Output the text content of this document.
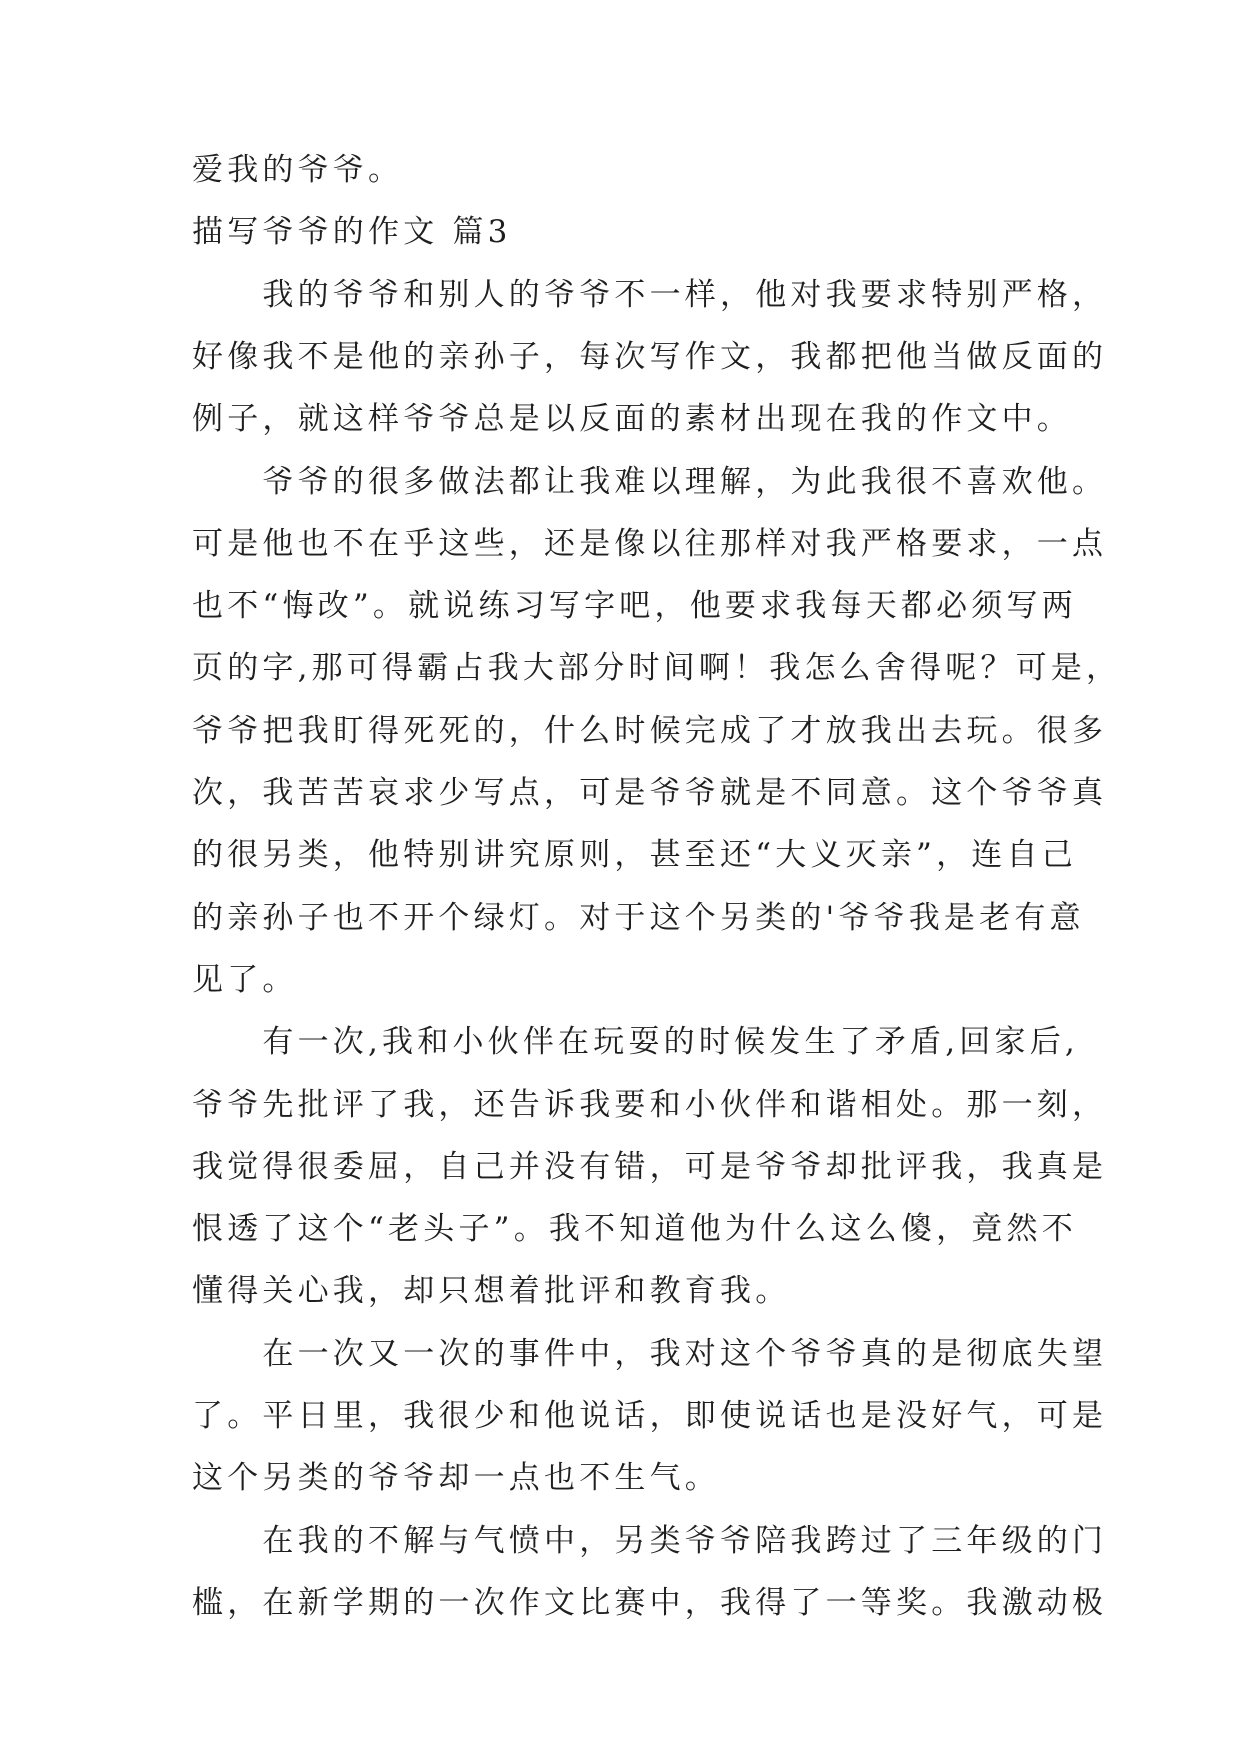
爱我的爷爷。
描写爷爷的作文 篇3
　　我的爷爷和别人的爷爷不一样，他对我要求特别严格，
好像我不是他的亲孙子，每次写作文，我都把他当做反面的
例子，就这样爷爷总是以反面的素材出现在我的作文中。
　　爷爷的很多做法都让我难以理解，为此我很不喜欢他。
可是他也不在乎这些，还是像以往那样对我严格要求，一点
也不“悔改”。就说练习写字吧，他要求我每天都必须写两
页的字,那可得霸占我大部分时间啊！我怎么舍得呢？可是，
爷爷把我盯得死死的，什么时候完成了才放我出去玩。很多
次，我苦苦哀求少写点，可是爷爷就是不同意。这个爷爷真
的很另类，他特别讲究原则，甚至还“大义灭亲”，连自己
的亲孙子也不开个绿灯。对于这个另类的'爷爷我是老有意
见了。
　　有一次,我和小伙伴在玩耍的时候发生了矛盾,回家后,
爷爷先批评了我，还告诉我要和小伙伴和谐相处。那一刻，
我觉得很委屈，自己并没有错，可是爷爷却批评我，我真是
恨透了这个“老头子”。我不知道他为什么这么傻，竟然不
懂得关心我，却只想着批评和教育我。
　　在一次又一次的事件中，我对这个爷爷真的是彻底失望
了。平日里，我很少和他说话，即使说话也是没好气，可是
这个另类的爷爷却一点也不生气。
　　在我的不解与气愤中，另类爷爷陪我跨过了三年级的门
槛，在新学期的一次作文比赛中，我得了一等奖。我激动极
